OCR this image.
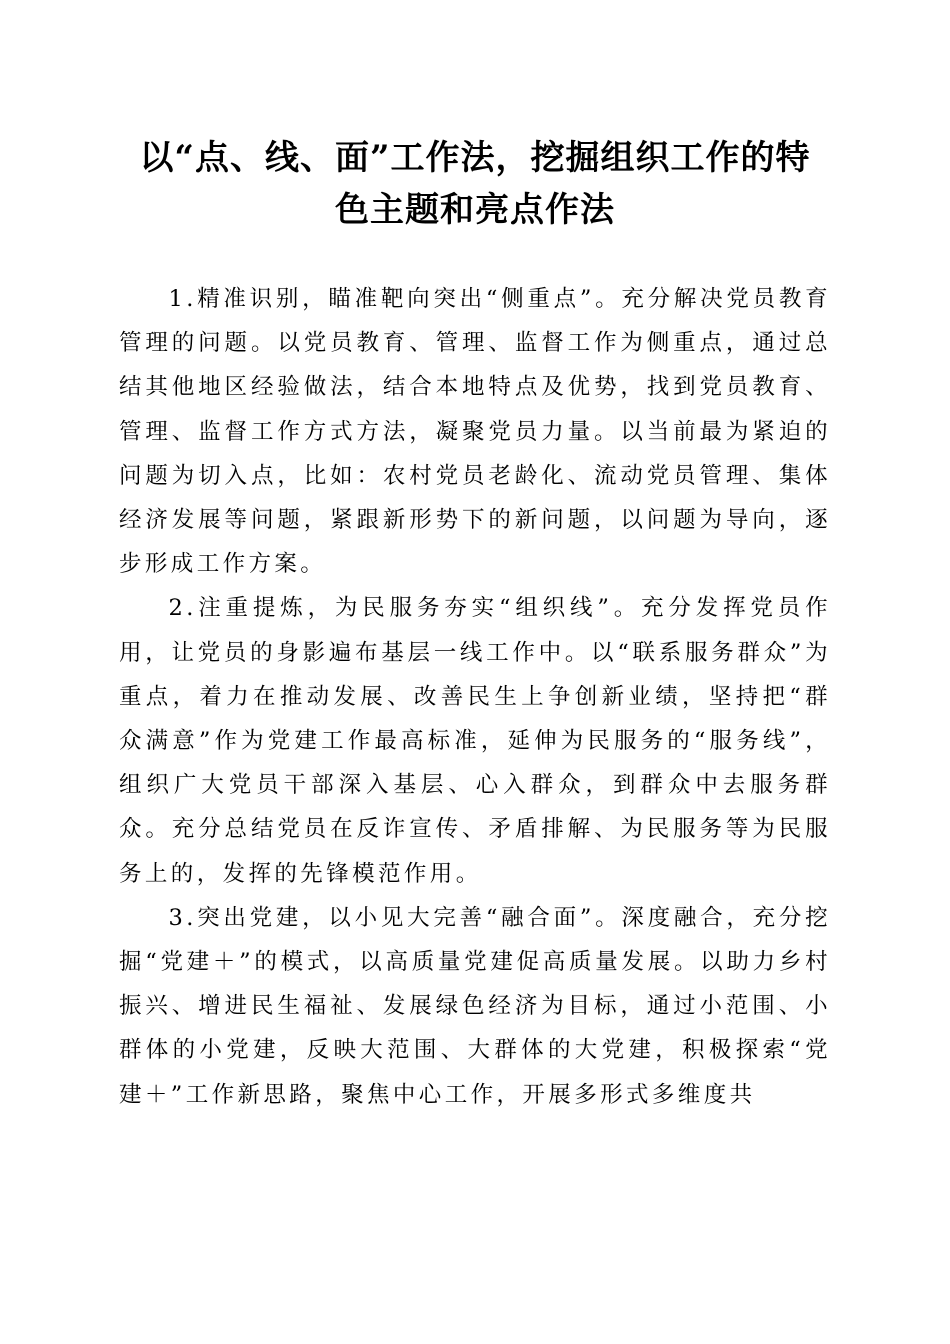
以“点、线、面”工作法，挖掘组织工作的特
色主题和亮点作法

1.精准识别，瞄准靶向突出“侧重点”。充分解决党员教育管理的问题。以党员教育、管理、监督工作为侧重点，通过总结其他地区经验做法，结合本地特点及优势，找到党员教育、管理、监督工作方式方法，凝聚党员力量。以当前最为紧迫的问题为切入点，比如：农村党员老龄化、流动党员管理、集体经济发展等问题，紧跟新形势下的新问题，以问题为导向，逐步形成工作方案。

2.注重提炼，为民服务夯实“组织线”。充分发挥党员作用，让党员的身影遍布基层一线工作中。以“联系服务群众”为重点，着力在推动发展、改善民生上争创新业绩，坚持把“群众满意”作为党建工作最高标准，延伸为民服务的“服务线”，组织广大党员干部深入基层、心入群众，到群众中去服务群众。充分总结党员在反诈宣传、矛盾排解、为民服务等为民服务上的，发挥的先锋模范作用。

3.突出党建，以小见大完善“融合面”。深度融合，充分挖掘“党建＋”的模式，以高质量党建促高质量发展。以助力乡村振兴、增进民生福祉、发展绿色经济为目标，通过小范围、小群体的小党建，反映大范围、大群体的大党建，积极探索“党建＋”工作新思路，聚焦中心工作，开展多形式多维度共
